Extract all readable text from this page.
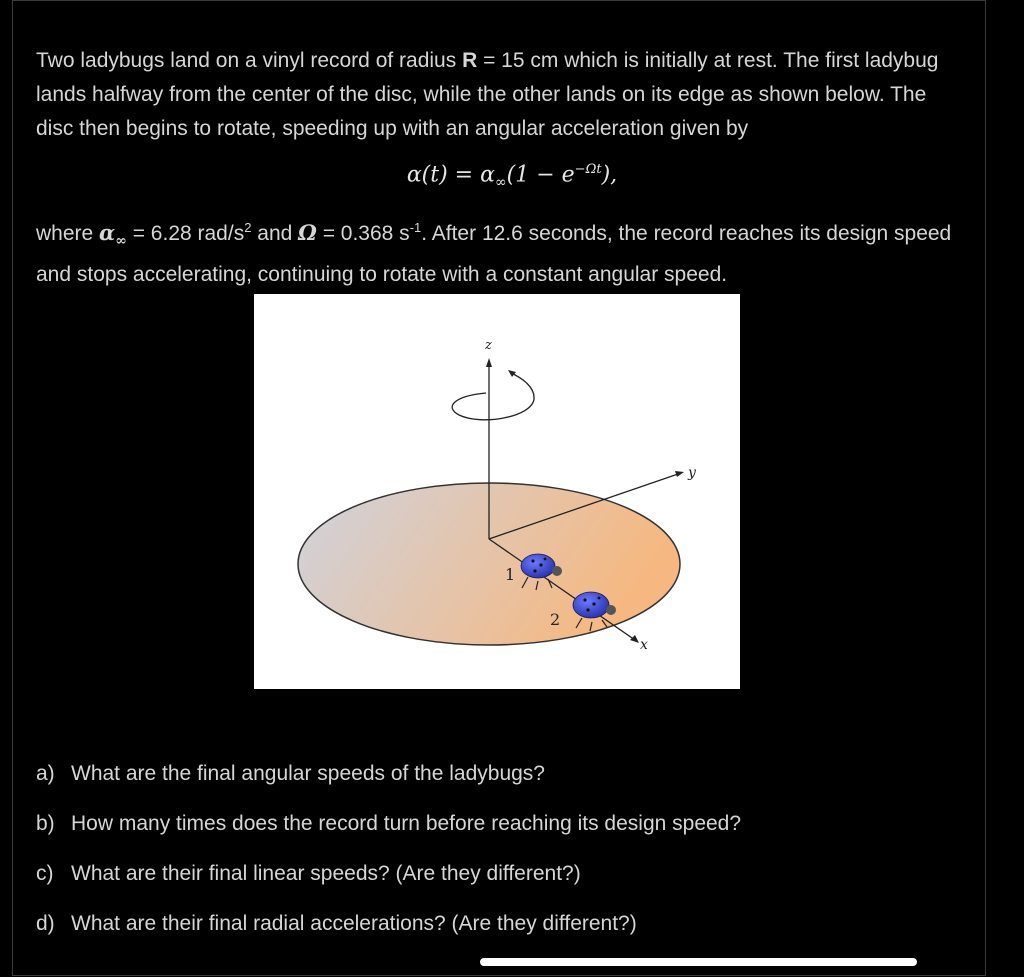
Two ladybugs land on a vinyl record of radius R = 15 cm which is initially at rest. The first ladybug lands halfway from the center of the disc, while the other lands on its edge as shown below. The disc then begins to rotate, speeding up with an angular acceleration given by

$\alpha(t) = \alpha_\infty(1 - e^{-\Omega t})$,

where $\alpha_\infty = 6.28$ rad/$s^2$ and Ω = 0.368 $s^{-1}$. After 12.6 seconds, the record reaches its design speed and stops accelerating, continuing to rotate with a constant angular speed.

z
y
x
1
2
a) What are the final angular speeds of the ladybugs?
b) How many times does the record turn before reaching its design speed?
c) What are their final linear speeds? (Are they different?)
d) What are their final radial accelerations? (Are they different?)
